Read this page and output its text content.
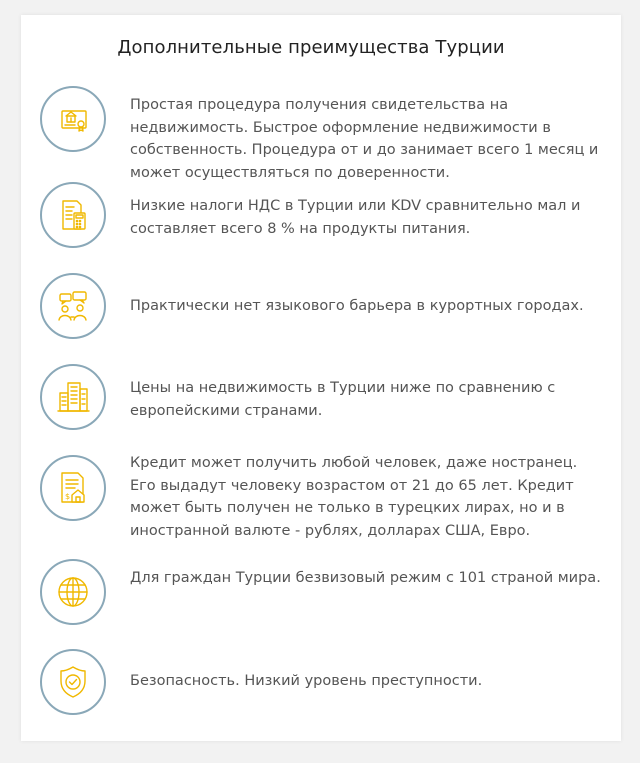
Дополнительные преимущества Турции

Простая процедура получения свидетельства на недвижимость. Быстрое оформление недвижимости в собственность. Процедура от и до занимает всего 1 месяц и может осуществляться по доверенности.

Низкие налоги НДС в Турции или KDV сравнительно мал и составляет всего 8 % на продукты питания.

Практически нет языкового барьера в курортных городах.

Цены на недвижимость в Турции ниже по сравнению с европейскими странами.

$

Кредит может получить любой человек, даже нострaнец. Его выдадут человеку возрастом от 21 до 65 лет. Кредит может быть получен не только в турецких лирах, но и в иностранной валюте - рублях, долларах США, Евро.

Для граждан Турции безвизовый режим с 101 страной мира.

Безопасность. Низкий уровень преступности.
